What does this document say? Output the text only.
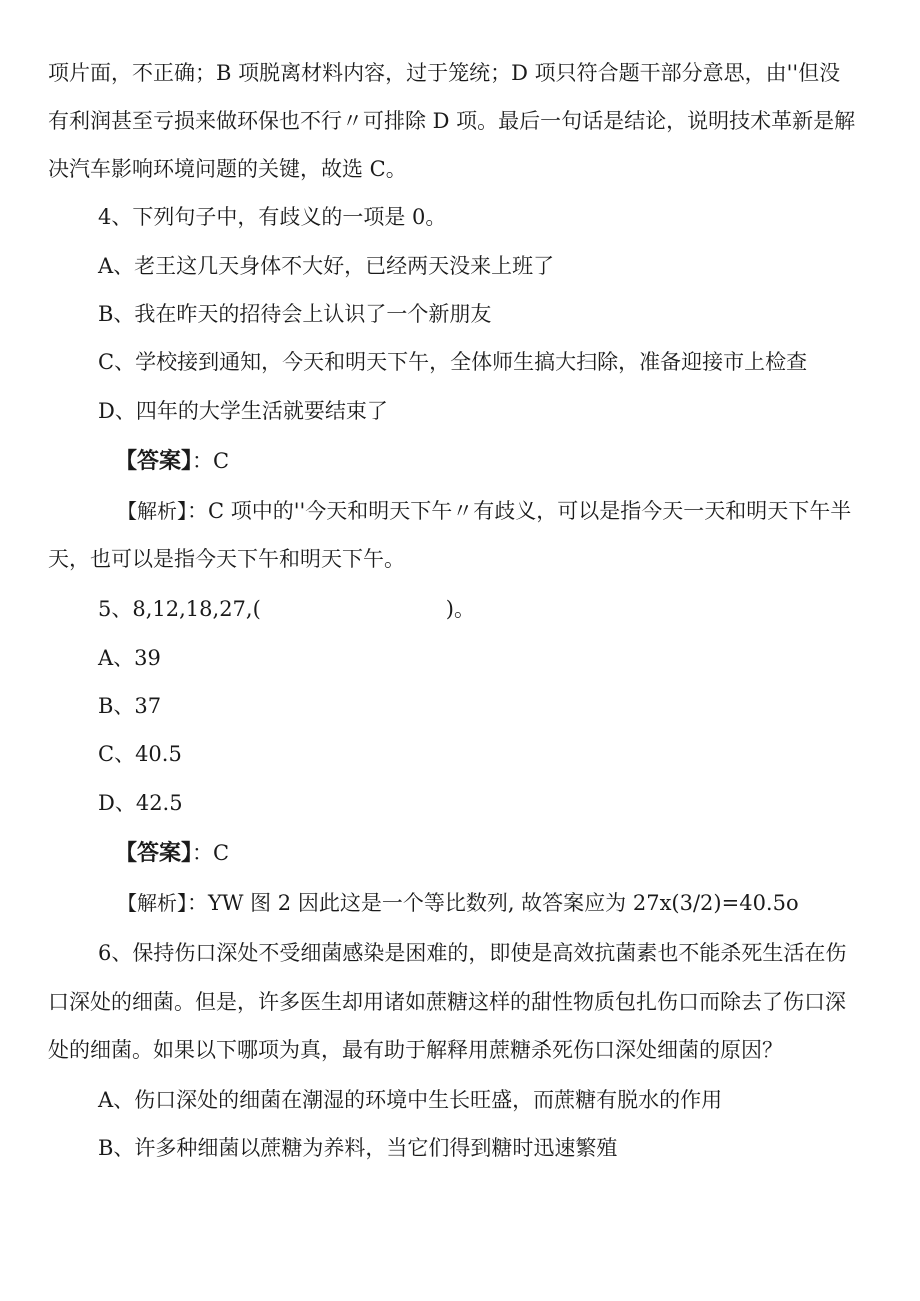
项片面，不正确；B 项脱离材料内容，过于笼统；D 项只符合题干部分意思，由''但没

有利润甚至亏损来做环保也不行〃可排除 D 项。最后一句话是结论，说明技术革新是解

决汽车影响环境问题的关键，故选 C。

4、下列句子中，有歧义的一项是 0。

A、老王这几天身体不大好，已经两天没来上班了

B、我在昨天的招待会上认识了一个新朋友

C、学校接到通知，今天和明天下午，全体师生搞大扫除，准备迎接市上检查

D、四年的大学生活就要结束了

【答案】：C

【解析】：C 项中的''今天和明天下午〃有歧义，可以是指今天一天和明天下午半

天，也可以是指今天下午和明天下午。

5、8,12,18,27,(	)。

A、39

B、37

C、40.5

D、42.5

【答案】：C

【解析】：YW 图 2 因此这是一个等比数列, 故答案应为 27x(3/2)=40.5o

6、保持伤口深处不受细菌感染是困难的，即使是高效抗菌素也不能杀死生活在伤

口深处的细菌。但是，许多医生却用诸如蔗糖这样的甜性物质包扎伤口而除去了伤口深

处的细菌。如果以下哪项为真，最有助于解释用蔗糖杀死伤口深处细菌的原因？

A、伤口深处的细菌在潮湿的环境中生长旺盛，而蔗糖有脱水的作用

B、许多种细菌以蔗糖为养料，当它们得到糖时迅速繁殖
